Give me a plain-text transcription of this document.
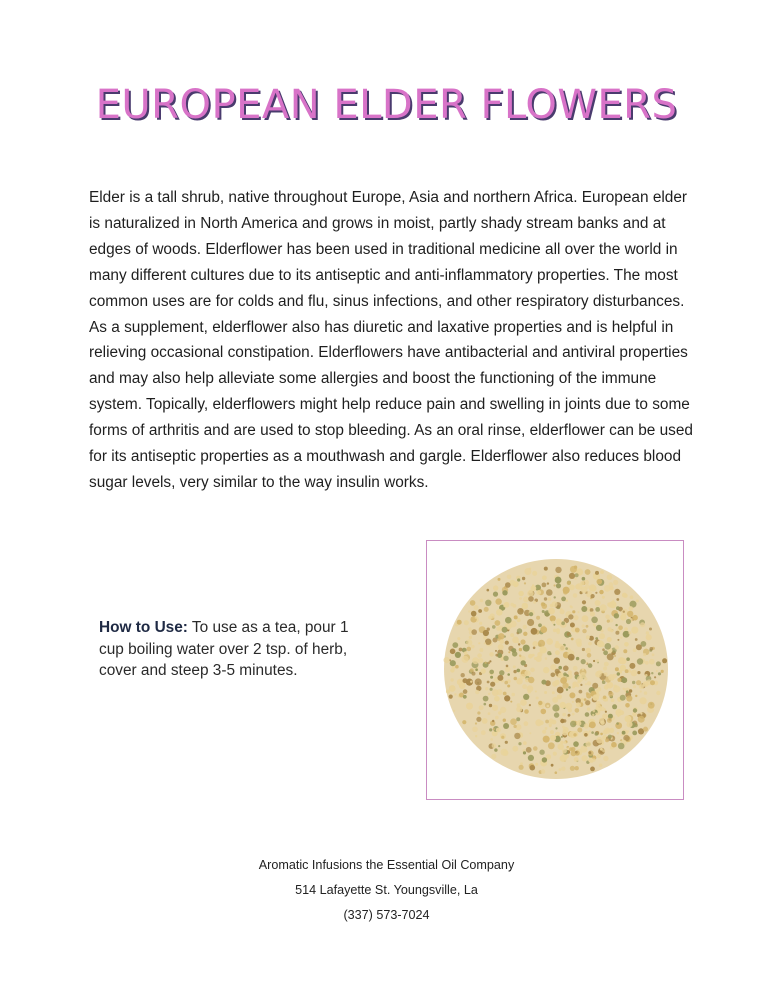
EUROPEAN ELDER FLOWERS

Elder is a tall shrub, native throughout Europe, Asia and northern Africa. European elder is naturalized in North America and grows in moist, partly shady stream banks and at edges of woods. Elderflower has been used in traditional medicine all over the world in many different cultures due to its antiseptic and anti-inflammatory properties. The most common uses are for colds and flu, sinus infections, and other respiratory disturbances. As a supplement, elderflower also has diuretic and laxative properties and is helpful in relieving occasional constipation. Elderflowers have antibacterial and antiviral properties and may also help alleviate some allergies and boost the functioning of the immune system. Topically, elderflowers might help reduce pain and swelling in joints due to some forms of arthritis and are used to stop bleeding. As an oral rinse, elderflower can be used for its antiseptic properties as a mouthwash and gargle. Elderflower also reduces blood sugar levels, very similar to the way insulin works.

How to Use: To use as a tea, pour 1 cup boiling water over 2 tsp. of herb, cover and steep 3-5 minutes.

Aromatic Infusions the Essential Oil Company
514 Lafayette St. Youngsville, La
(337) 573-7024
